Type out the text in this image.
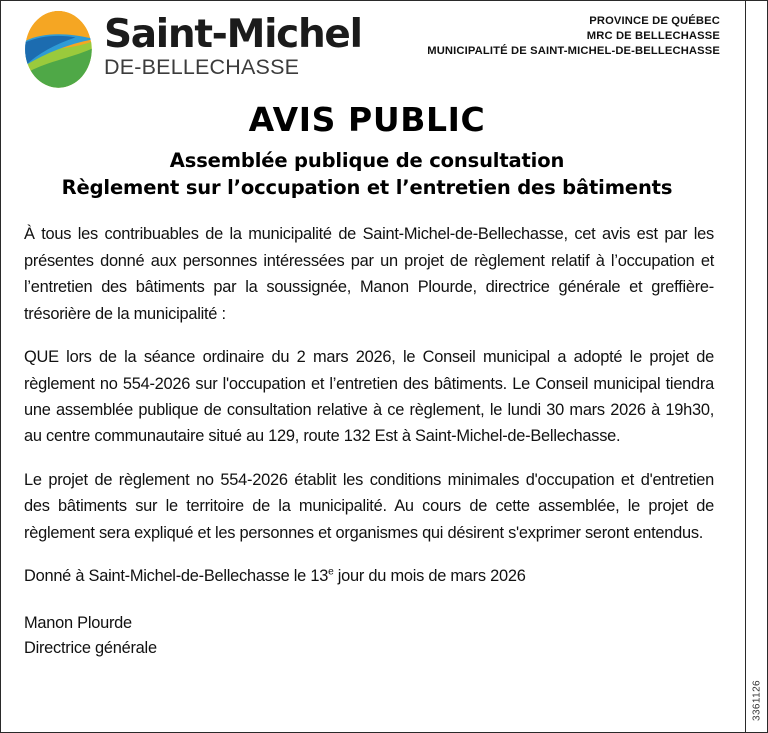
3361126
Saint-Michel
DE-BELLECHASSE
PROVINCE DE QUÉBEC
MRC DE BELLECHASSE
MUNICIPALITÉ DE SAINT-MICHEL-DE-BELLECHASSE
AVIS PUBLIC
Assemblée publique de consultation
Règlement sur l’occupation et l’entretien des bâtiments

À tous les contribuables de la municipalité de Saint-Michel-de-Bellechasse, cet avis est par les présentes donné aux personnes intéressées par un projet de règlement relatif à l’occupation et l’entretien des bâtiments par la soussignée, Manon Plourde, directrice générale et greffière-trésorière de la municipalité :

QUE lors de la séance ordinaire du 2 mars 2026, le Conseil municipal a adopté le projet de règlement no 554-2026 sur l'occupation et l’entretien des bâtiments. Le Conseil municipal tiendra une assemblée publique de consultation relative à ce règlement, le lundi 30 mars 2026 à 19h30, au centre communautaire situé au 129, route 132 Est à Saint-Michel-de-Bellechasse.

Le projet de règlement no 554-2026 établit les conditions minimales d'occupation et d'entretien des bâtiments sur le territoire de la municipalité. Au cours de cette assemblée, le projet de règlement sera expliqué et les personnes et organismes qui désirent s'exprimer seront entendus.

Donné à Saint-Michel-de-Bellechasse le 13e jour du mois de mars 2026

Manon Plourde
Directrice générale
